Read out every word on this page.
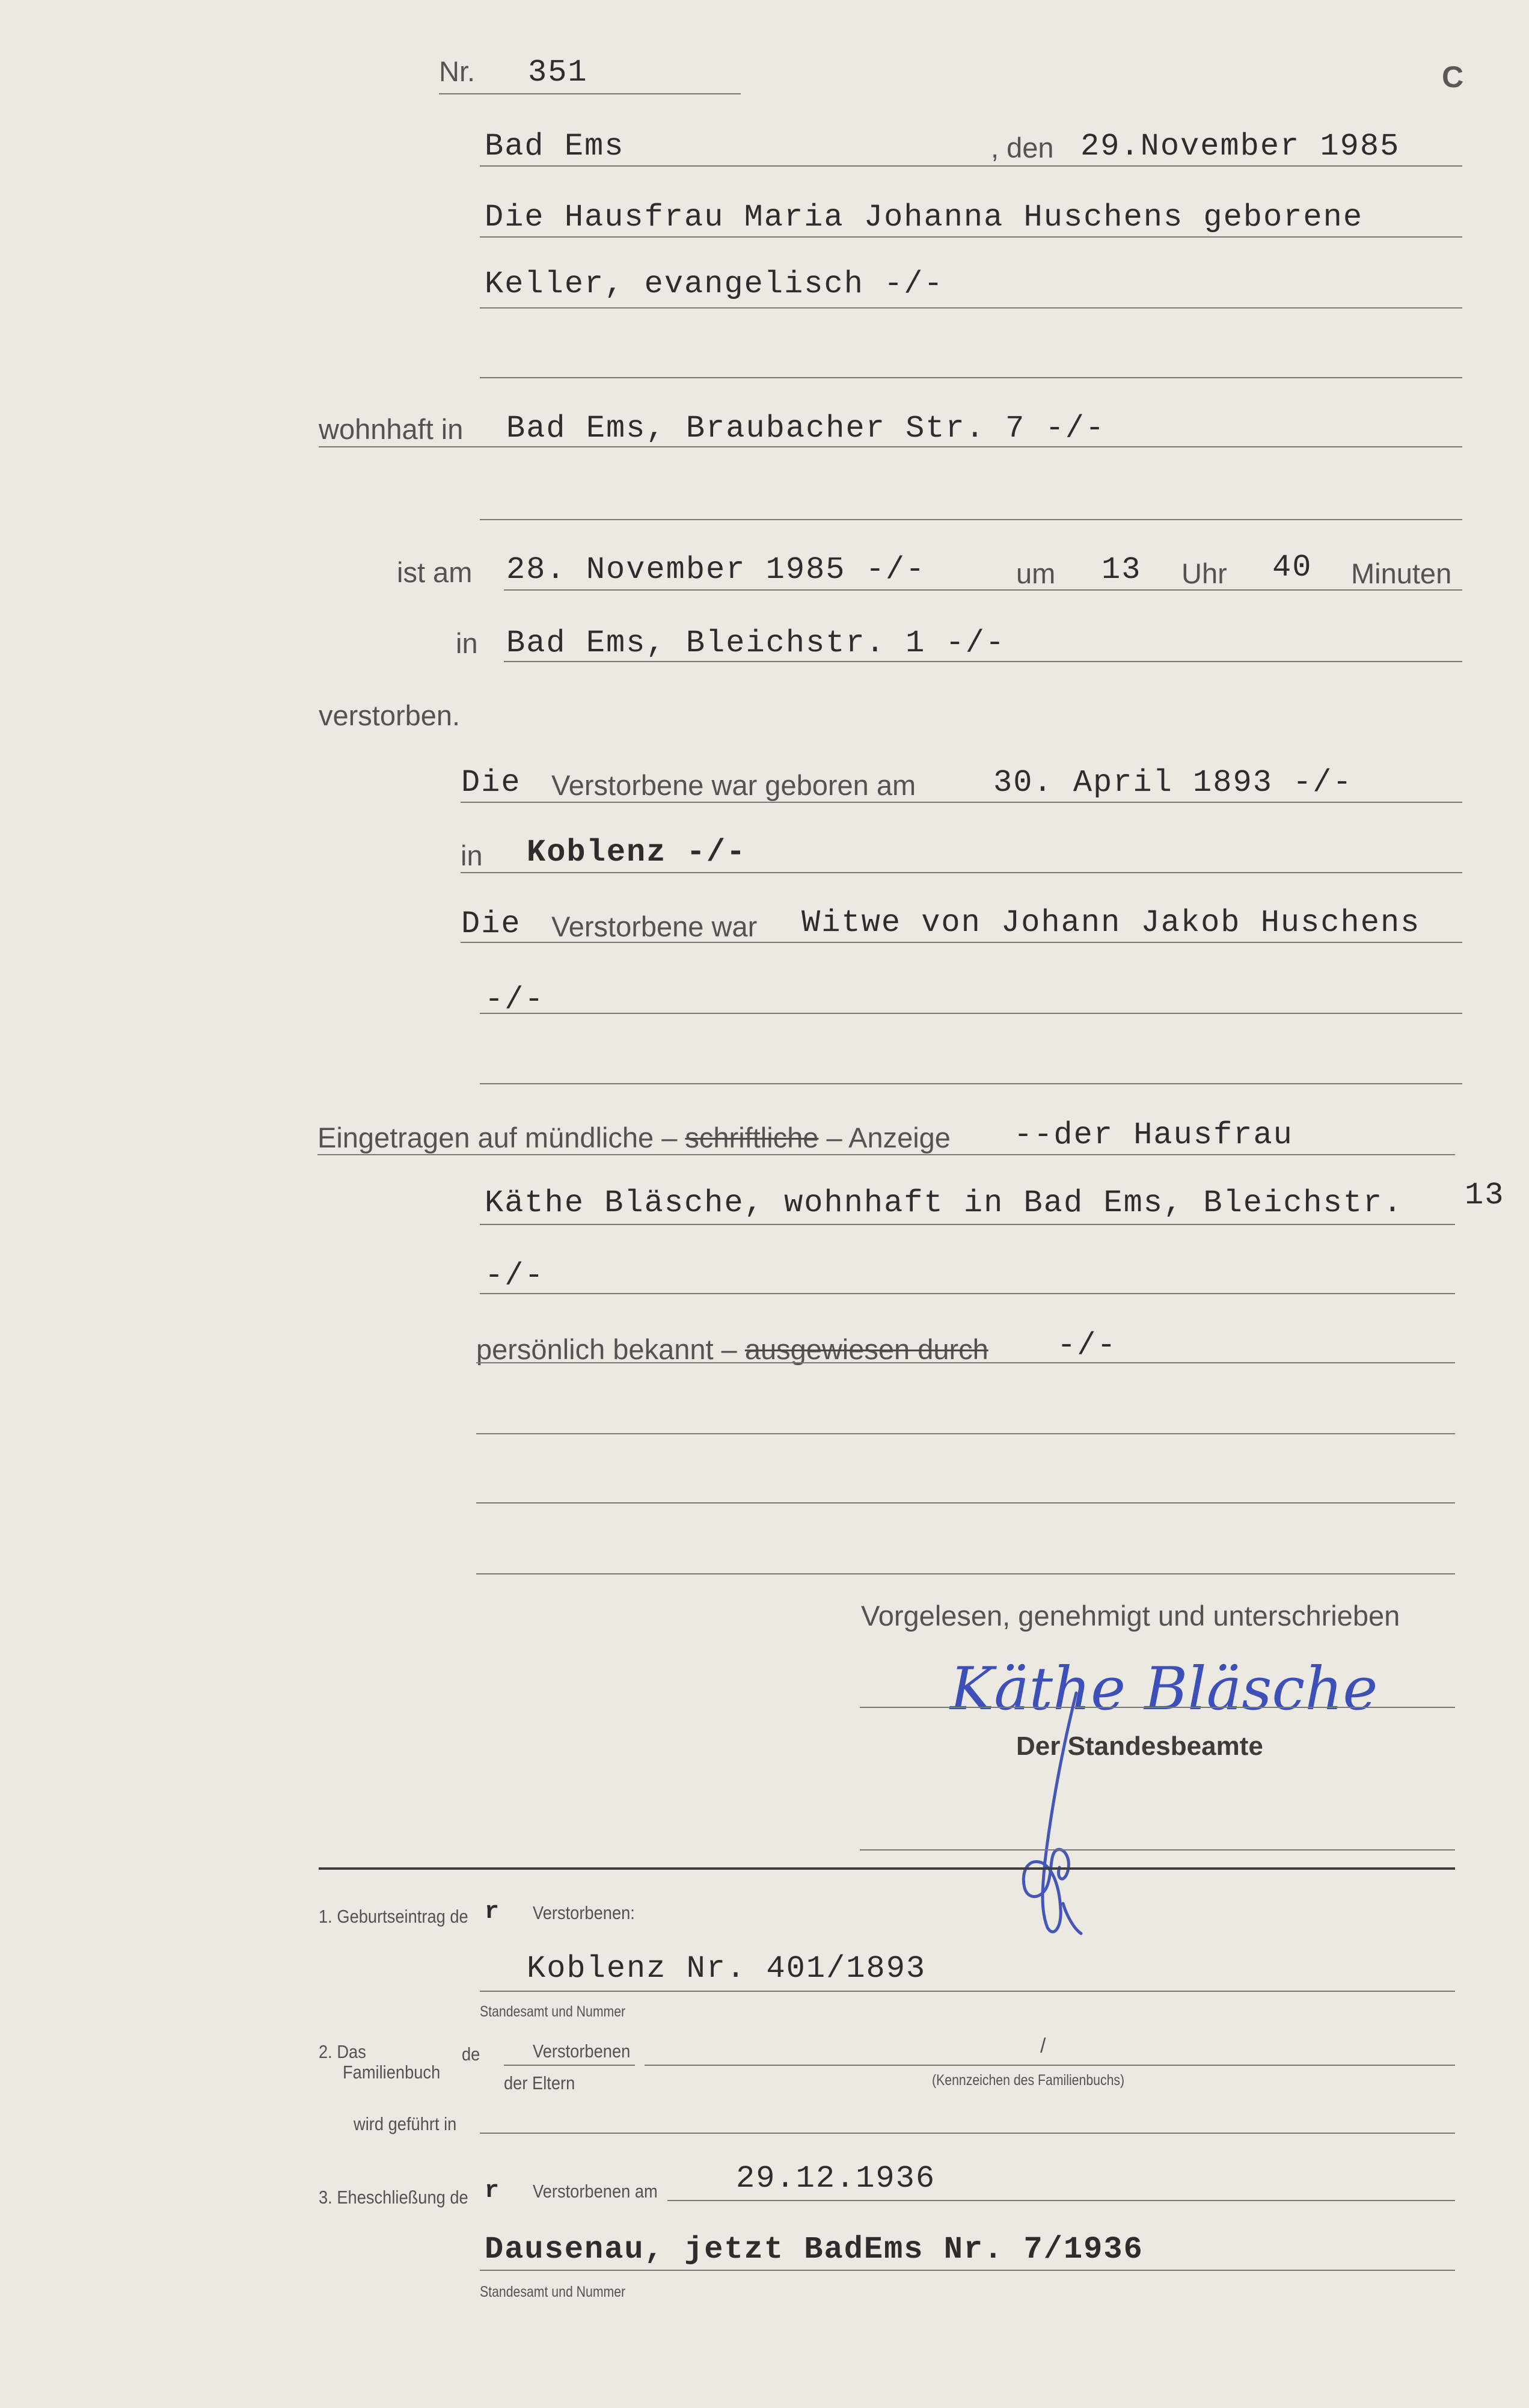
C
Nr. 351
Bad Ems	, den 29.November 1985
Die Hausfrau Maria Johanna Huschens geborene
Keller, evangelisch -/-
wohnhaft in Bad Ems, Braubacher Str. 7 -/-
ist am 28. November 1985 -/-	um 13 Uhr 40 Minuten
in Bad Ems, Bleichstr. 1 -/-
verstorben.
Die Verstorbene war geboren am 30. April 1893 -/-
in Koblenz -/-
Die Verstorbene war Witwe von Johann Jakob Huschens
-/-
Eingetragen auf mündliche – schriftliche – Anzeige --der Hausfrau
Käthe Bläsche, wohnhaft in Bad Ems, Bleichstr. 13
-/-
persönlich bekannt – ausgewiesen durch -/-
Vorgelesen, genehmigt und unterschrieben
Käthe Bläsche
Der Standesbeamte
1. Geburtseintrag de r Verstorbenen:
Koblenz Nr. 401/1893
Standesamt und Nummer
2. Das
Familienbuch
de	Verstorbenen
der Eltern
/
(Kennzeichen des Familienbuchs)
wird geführt in
3. Eheschließung de r Verstorbenen am	29.12.1936
Dausenau, jetzt BadEms Nr. 7/1936
Standesamt und Nummer
